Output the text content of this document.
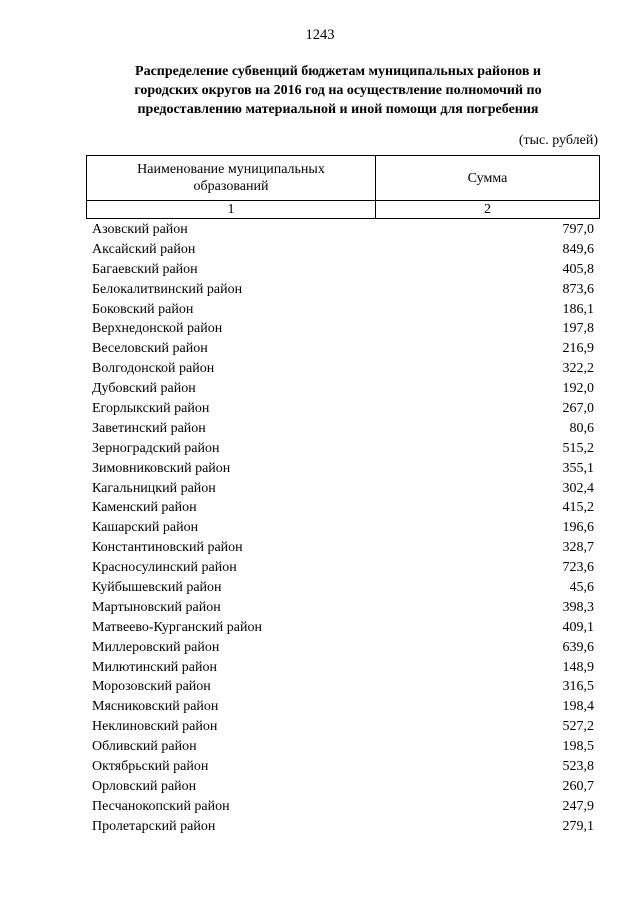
1243
Распределение субвенций бюджетам муниципальных районов и
городских округов на 2016 год на осуществление полномочий по
предоставлению материальной и иной помощи для погребения
(тыс. рублей)
Наименование муниципальных
образований	Сумма
1	2
Азовский район	797,0
Аксайский район	849,6
Багаевский район	405,8
Белокалитвинский район	873,6
Боковский район	186,1
Верхнедонской район	197,8
Веселовский район	216,9
Волгодонской район	322,2
Дубовский район	192,0
Егорлыкский район	267,0
Заветинский район	80,6
Зерноградский район	515,2
Зимовниковский район	355,1
Кагальницкий район	302,4
Каменский район	415,2
Кашарский район	196,6
Константиновский район	328,7
Красносулинский район	723,6
Куйбышевский район	45,6
Мартыновский район	398,3
Матвеево-Курганский район	409,1
Миллеровский район	639,6
Милютинский район	148,9
Морозовский район	316,5
Мясниковский район	198,4
Неклиновский район	527,2
Обливский район	198,5
Октябрьский район	523,8
Орловский район	260,7
Песчанокопский район	247,9
Пролетарский район	279,1
